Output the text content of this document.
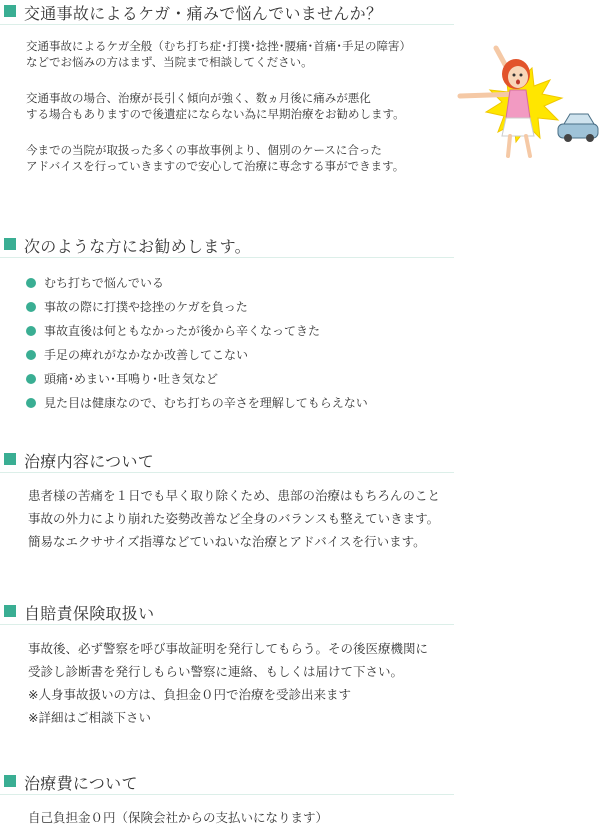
交通事故によるケガ・痛みで悩んでいませんか？
交通事故によるケガ全般（むち打ち症･打撲･捻挫･腰痛･首痛･手足の障害）
などでお悩みの方はまず、当院まで相談してください。
交通事故の場合、治療が長引く傾向が強く、数ヵ月後に痛みが悪化
する場合もありますので後遺症にならない為に早期治療をお勧めします。
今までの当院が取扱った多くの事故事例より、個別のケースに合った
アドバイスを行っていきますので安心して治療に専念する事ができます。
次のような方にお勧めします。
むち打ちで悩んでいる
事故の際に打撲や捻挫のケガを負った
事故直後は何ともなかったが後から辛くなってきた
手足の痺れがなかなか改善してこない
頭痛･めまい･耳鳴り･吐き気など
見た目は健康なので、むち打ちの辛さを理解してもらえない
治療内容について
患者様の苦痛を１日でも早く取り除くため、患部の治療はもちろんのこと
事故の外力により崩れた姿勢改善など全身のバランスも整えていきます。
簡易なエクササイズ指導などていねいな治療とアドバイスを行います。
自賠責保険取扱い
事故後、必ず警察を呼び事故証明を発行してもらう。その後医療機関に
受診し診断書を発行しもらい警察に連絡、もしくは届けて下さい。
※人身事故扱いの方は、負担金０円で治療を受診出来ます
※詳細はご相談下さい
治療費について
自己負担金０円（保険会社からの支払いになります）
